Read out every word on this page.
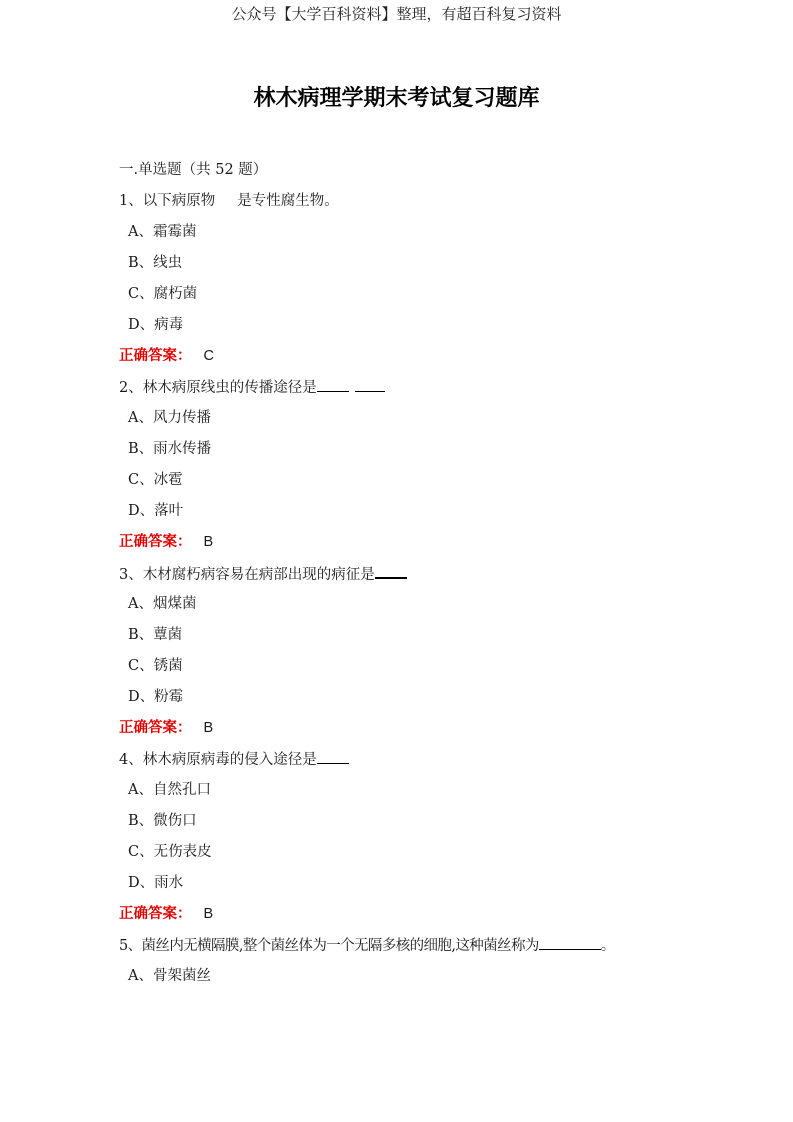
公众号【大学百科资料】整理，有超百科复习资料
林木病理学期末考试复习题库
一.单选题（共 52 题）
1、以下病原物 是专性腐生物。
A、霜霉菌
B、线虫
C、腐朽菌
D、病毒
正确答案： C
2、林木病原线虫的传播途径是
A、风力传播
B、雨水传播
C、冰雹
D、落叶
正确答案： B
3、木材腐朽病容易在病部出现的病征是
A、烟煤菌
B、蕈菌
C、锈菌
D、粉霉
正确答案： B
4、林木病原病毒的侵入途径是
A、自然孔口
B、微伤口
C、无伤表皮
D、雨水
正确答案： B
5、菌丝内无横隔膜,整个菌丝体为一个无隔多核的细胞,这种菌丝称为	。
A、骨架菌丝
